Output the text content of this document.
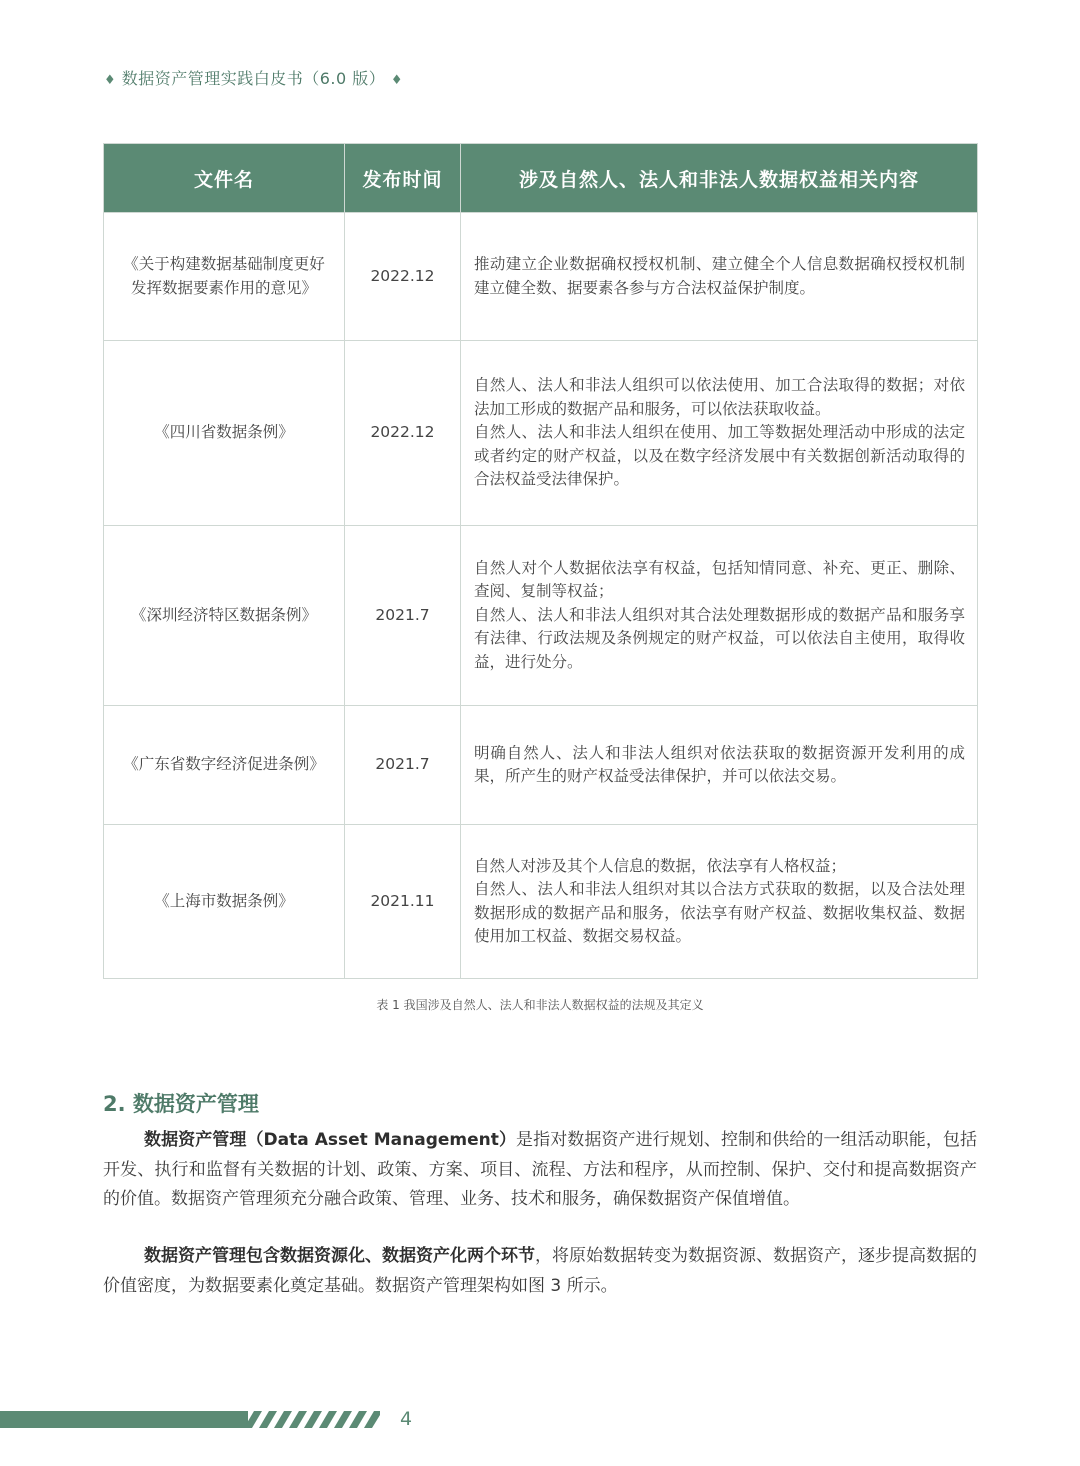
♦ 数据资产管理实践白皮书（6.0 版） ♦
文件名	发布时间	涉及自然人、法人和非法人数据权益相关内容

《关于构建数据基础制度更好
发挥数据要素作用的意见》	2022.12	推动建立企业数据确权授权机制、建立健全个人信息数据确权授权机制建立健全数、据要素各参与方合法权益保护制度。

《四川省数据条例》	2022.12	自然人、法人和非法人组织可以依法使用、加工合法取得的数据；对依法加工形成的数据产品和服务，可以依法获取收益。

自然人、法人和非法人组织在使用、加工等数据处理活动中形成的法定或者约定的财产权益，以及在数字经济发展中有关数据创新活动取得的合法权益受法律保护。

《深圳经济特区数据条例》	2021.7	自然人对个人数据依法享有权益，包括知情同意、补充、更正、删除、查阅、复制等权益；

自然人、法人和非法人组织对其合法处理数据形成的数据产品和服务享有法律、行政法规及条例规定的财产权益，可以依法自主使用，取得收益，进行处分。

《广东省数字经济促进条例》	2021.7	明确自然人、法人和非法人组织对依法获取的数据资源开发利用的成果，所产生的财产权益受法律保护，并可以依法交易。

《上海市数据条例》	2021.11	自然人对涉及其个人信息的数据，依法享有人格权益；

自然人、法人和非法人组织对其以合法方式获取的数据，以及合法处理数据形成的数据产品和服务，依法享有财产权益、数据收集权益、数据使用加工权益、数据交易权益。

表 1 我国涉及自然人、法人和非法人数据权益的法规及其定义
2. 数据资产管理

数据资产管理（Data Asset Management）是指对数据资产进行规划、控制和供给的一组活动职能，包括开发、执行和监督有关数据的计划、政策、方案、项目、流程、方法和程序，从而控制、保护、交付和提高数据资产的价值。数据资产管理须充分融合政策、管理、业务、技术和服务，确保数据资产保值增值。

数据资产管理包含数据资源化、数据资产化两个环节，将原始数据转变为数据资源、数据资产，逐步提高数据的价值密度，为数据要素化奠定基础。数据资产管理架构如图 3 所示。

4
